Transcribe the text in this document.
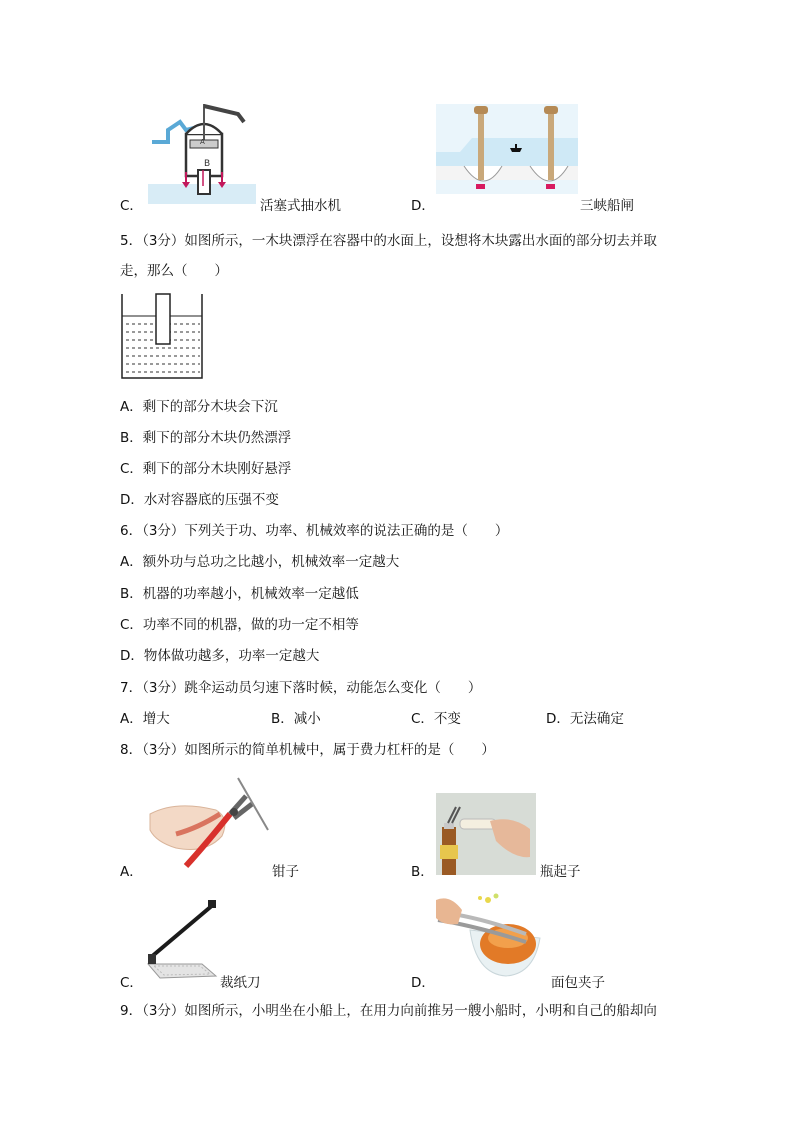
C．
A
B
活塞式抽水机	D．	三峡船闸
5．（3分）如图所示，一木块漂浮在容器中的水面上，设想将木块露出水面的部分切去并取
走，那么（　　）
A．剩下的部分木块会下沉
B．剩下的部分木块仍然漂浮
C．剩下的部分木块刚好悬浮
D．水对容器底的压强不变
6．（3分）下列关于功、功率、机械效率的说法正确的是（　　）
A．额外功与总功之比越小，机械效率一定越大
B．机器的功率越小，机械效率一定越低
C．功率不同的机器，做的功一定不相等
D．物体做功越多，功率一定越大
7．（3分）跳伞运动员匀速下落时候，动能怎么变化（　　）
A．增大	B．减小	C．不变	D．无法确定
8．（3分）如图所示的简单机械中，属于费力杠杆的是（　　）
A．	钳子	B．	瓶起子
C．	裁纸刀	D．	面包夹子
9．（3分）如图所示，小明坐在小船上，在用力向前推另一艘小船时，小明和自己的船却向
